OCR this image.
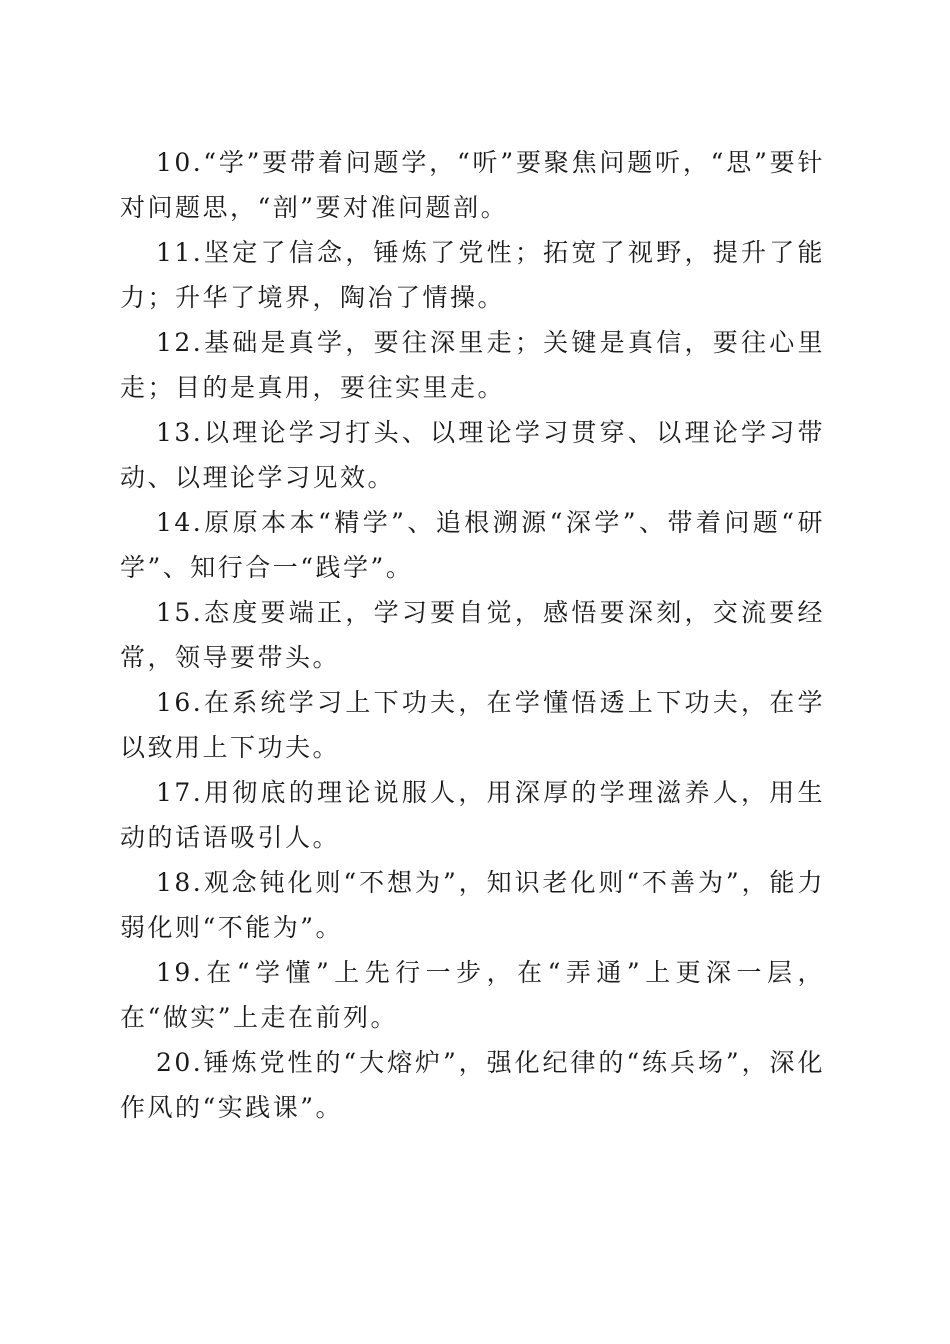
10.“学”要带着问题学，“听”要聚焦问题听，“思”要针对问题思，“剖”要对准问题剖。

11.坚定了信念，锤炼了党性；拓宽了视野，提升了能力；升华了境界，陶冶了情操。

12.基础是真学，要往深里走；关键是真信，要往心里走；目的是真用，要往实里走。

13.以理论学习打头、以理论学习贯穿、以理论学习带动、以理论学习见效。

14.原原本本“精学”、追根溯源“深学”、带着问题“研学”、知行合一“践学”。

15.态度要端正，学习要自觉，感悟要深刻，交流要经常，领导要带头。

16.在系统学习上下功夫，在学懂悟透上下功夫，在学以致用上下功夫。

17.用彻底的理论说服人，用深厚的学理滋养人，用生动的话语吸引人。

18.观念钝化则“不想为”，知识老化则“不善为”，能力弱化则“不能为”。

19.在“学懂”上先行一步，在“弄通”上更深一层，在“做实”上走在前列。

20.锤炼党性的“大熔炉”，强化纪律的“练兵场”，深化作风的“实践课”。
